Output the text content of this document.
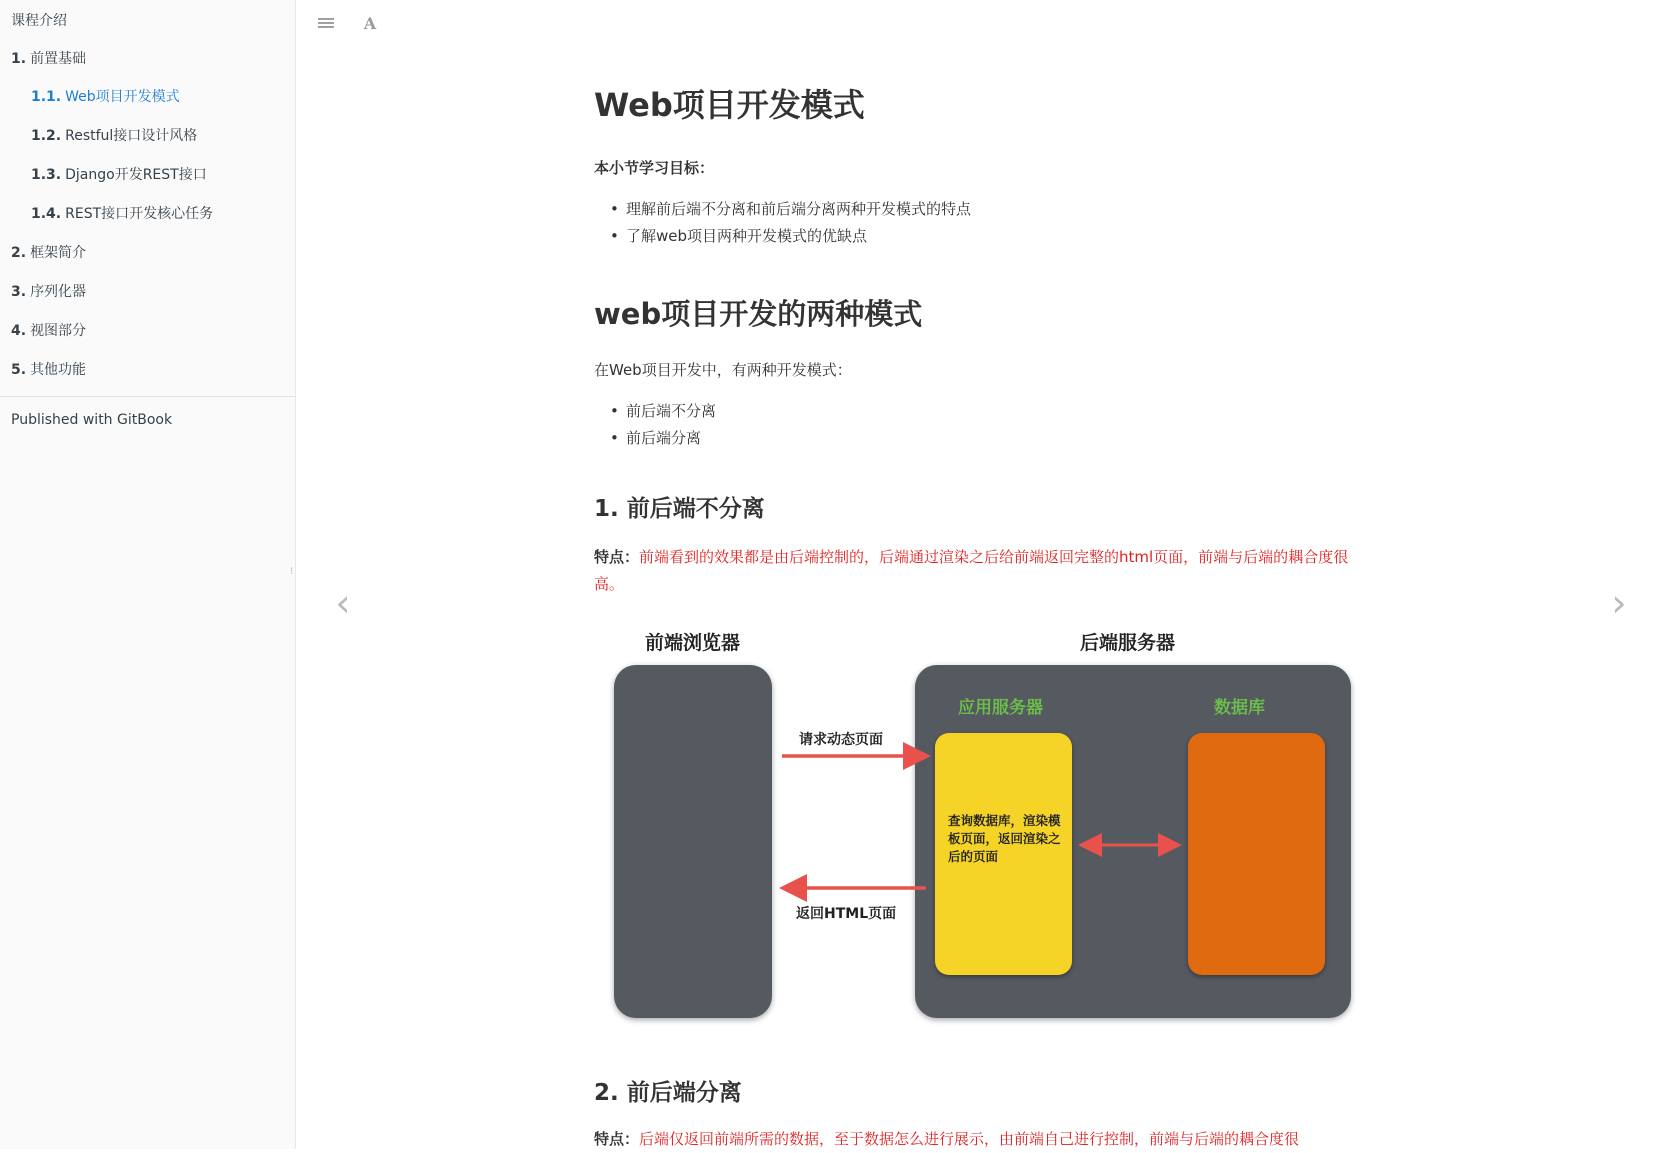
课程介绍
1. 前置基础
1.1. Web项目开发模式
1.2. Restful接口设计风格
1.3. Django开发REST接口
1.4. REST接口开发核心任务
2. 框架简介
3. 序列化器
4. 视图部分
5. 其他功能
Published with GitBook
⁝
A
‹	›
Web项目开发模式

本小节学习目标：

• 理解前后端不分离和前后端分离两种开发模式的特点
• 了解web项目两种开发模式的优缺点
web项目开发的两种模式

在Web项目开发中，有两种开发模式：

• 前后端不分离
• 前后端分离
1. 前后端不分离
特点：前端看到的效果都是由后端控制的，后端通过渲染之后给前端返回完整的html页面，前端与后端的耦合度很高。
2. 前后端分离
特点：后端仅返回前端所需的数据，至于数据怎么进行展示，由前端自己进行控制，前端与后端的耦合度很
前端浏览器	后端服务器
应用服务器	数据库
查询数据库，渲染模板页面，返回渲染之后的页面
请求动态页面
返回HTML页面
